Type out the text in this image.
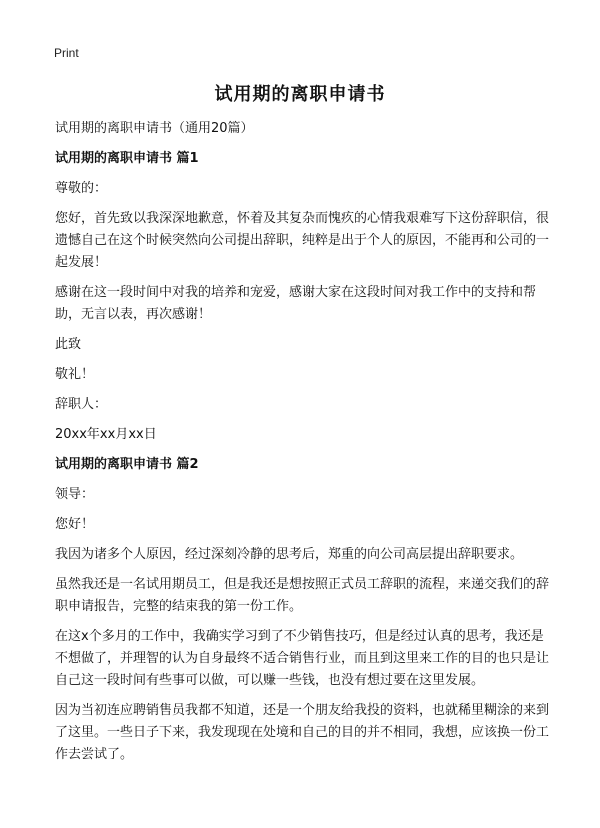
Print
试用期的离职申请书

试用期的离职申请书（通用20篇）

试用期的离职申请书 篇1

尊敬的：

您好，首先致以我深深地歉意，怀着及其复杂而愧疚的心情我艰难写下这份辞职信，很遗憾自己在这个时候突然向公司提出辞职，纯粹是出于个人的原因，不能再和公司的一起发展！

感谢在这一段时间中对我的培养和宠爱，感谢大家在这段时间对我工作中的支持和帮助，无言以表，再次感谢！

此致

敬礼！

辞职人：

20xx年xx月xx日

试用期的离职申请书 篇2

领导：

您好！

我因为诸多个人原因，经过深刻冷静的思考后，郑重的向公司高层提出辞职要求。

虽然我还是一名试用期员工，但是我还是想按照正式员工辞职的流程，来递交我们的辞职申请报告，完整的结束我的第一份工作。

在这x个多月的工作中，我确实学习到了不少销售技巧，但是经过认真的思考，我还是不想做了，并理智的认为自身最终不适合销售行业，而且到这里来工作的目的也只是让自己这一段时间有些事可以做，可以赚一些钱，也没有想过要在这里发展。

因为当初连应聘销售员我都不知道，还是一个朋友给我投的资料，也就稀里糊涂的来到了这里。一些日子下来，我发现现在处境和自己的目的并不相同，我想，应该换一份工作去尝试了。
